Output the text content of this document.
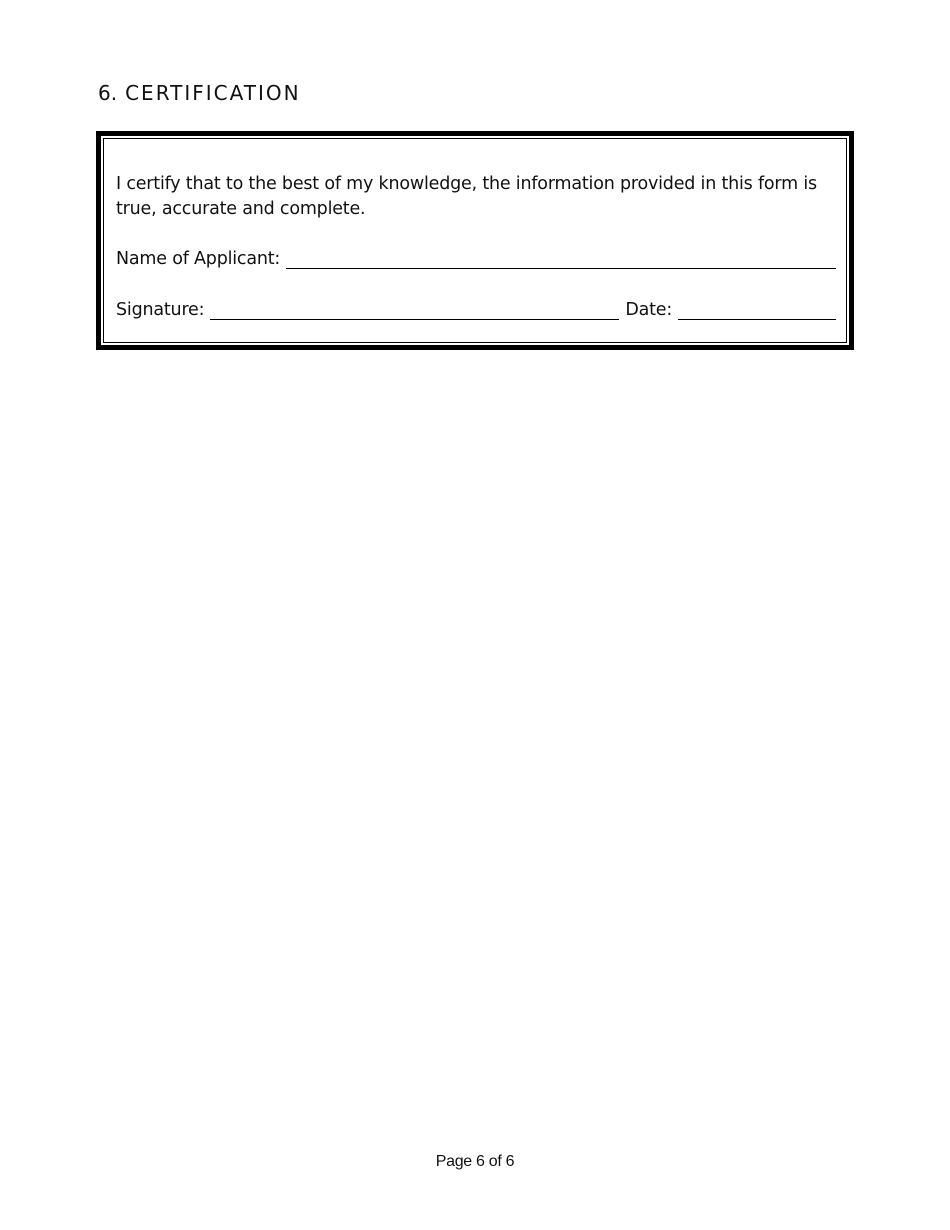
6. CERTIFICATION
I certify that to the best of my knowledge, the information provided in this form is true, accurate and complete.
Name of Applicant:
Signature:	Date:
Page 6 of 6
